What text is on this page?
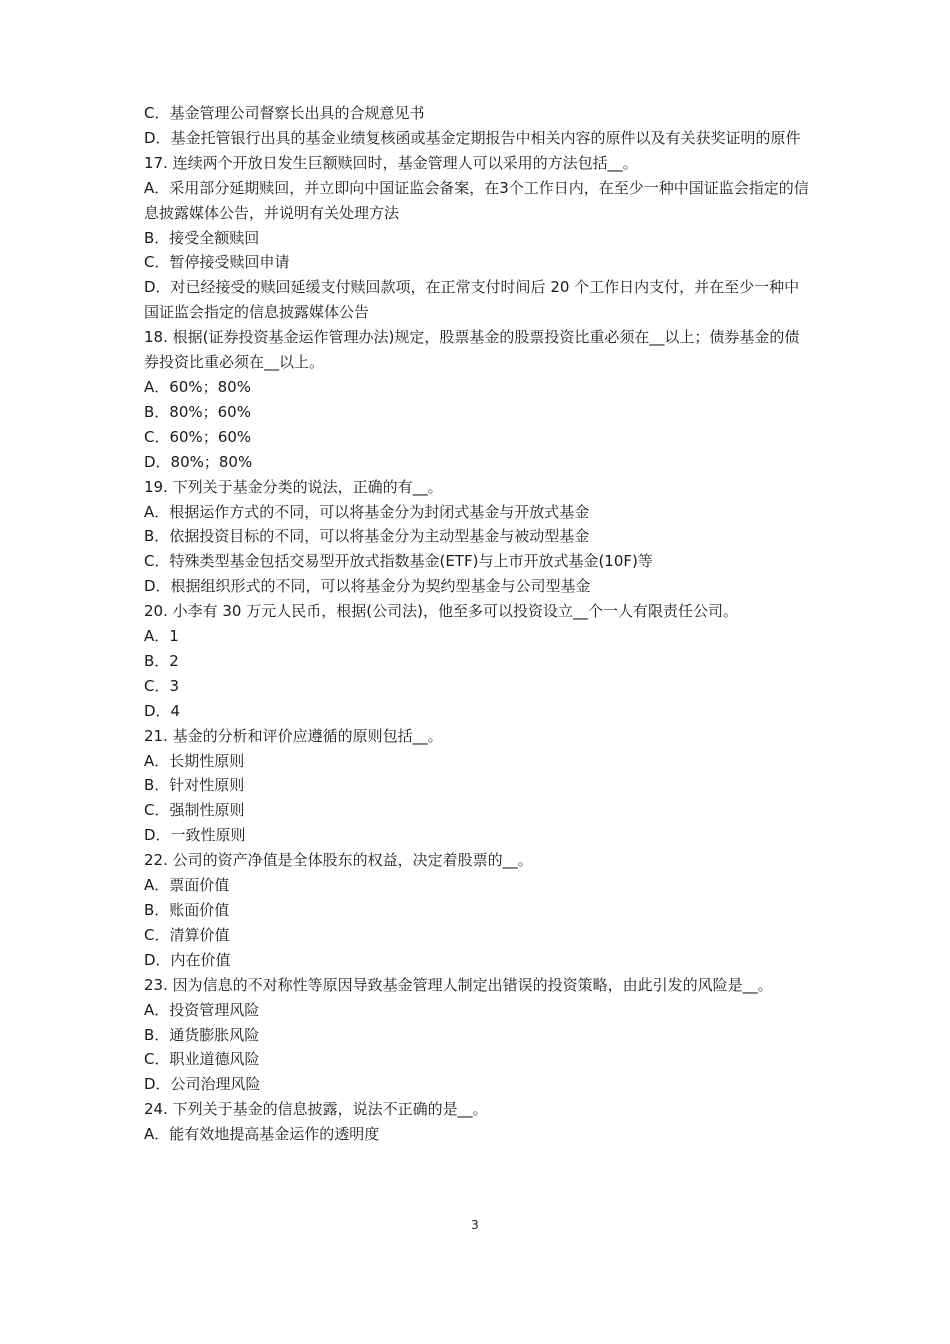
C．基金管理公司督察长出具的合规意见书
D．基金托管银行出具的基金业绩复核函或基金定期报告中相关内容的原件以及有关获奖证明的原件
17. 连续两个开放日发生巨额赎回时，基金管理人可以采用的方法包括__。
A．采用部分延期赎回，并立即向中国证监会备案，在3个工作日内，在至少一种中国证监会指定的信息披露媒体公告，并说明有关处理方法
B．接受全额赎回
C．暂停接受赎回申请
D．对已经接受的赎回延缓支付赎回款项，在正常支付时间后 20 个工作日内支付，并在至少一种中国证监会指定的信息披露媒体公告
18. 根据(证券投资基金运作管理办法)规定，股票基金的股票投资比重必须在__以上；债券基金的债券投资比重必须在__以上。
A．60%；80%
B．80%；60%
C．60%；60%
D．80%；80%
19. 下列关于基金分类的说法，正确的有__。
A．根据运作方式的不同，可以将基金分为封闭式基金与开放式基金
B．依据投资目标的不同，可以将基金分为主动型基金与被动型基金
C．特殊类型基金包括交易型开放式指数基金(ETF)与上市开放式基金(10F)等
D．根据组织形式的不同，可以将基金分为契约型基金与公司型基金
20. 小李有 30 万元人民币，根据(公司法)，他至多可以投资设立__个一人有限责任公司。
A．1
B．2
C．3
D．4
21. 基金的分析和评价应遵循的原则包括__。
A．长期性原则
B．针对性原则
C．强制性原则
D．一致性原则
22. 公司的资产净值是全体股东的权益，决定着股票的__。
A．票面价值
B．账面价值
C．清算价值
D．内在价值
23. 因为信息的不对称性等原因导致基金管理人制定出错误的投资策略，由此引发的风险是__。
A．投资管理风险
B．通货膨胀风险
C．职业道德风险
D．公司治理风险
24. 下列关于基金的信息披露，说法不正确的是__。
A．能有效地提高基金运作的透明度
3
